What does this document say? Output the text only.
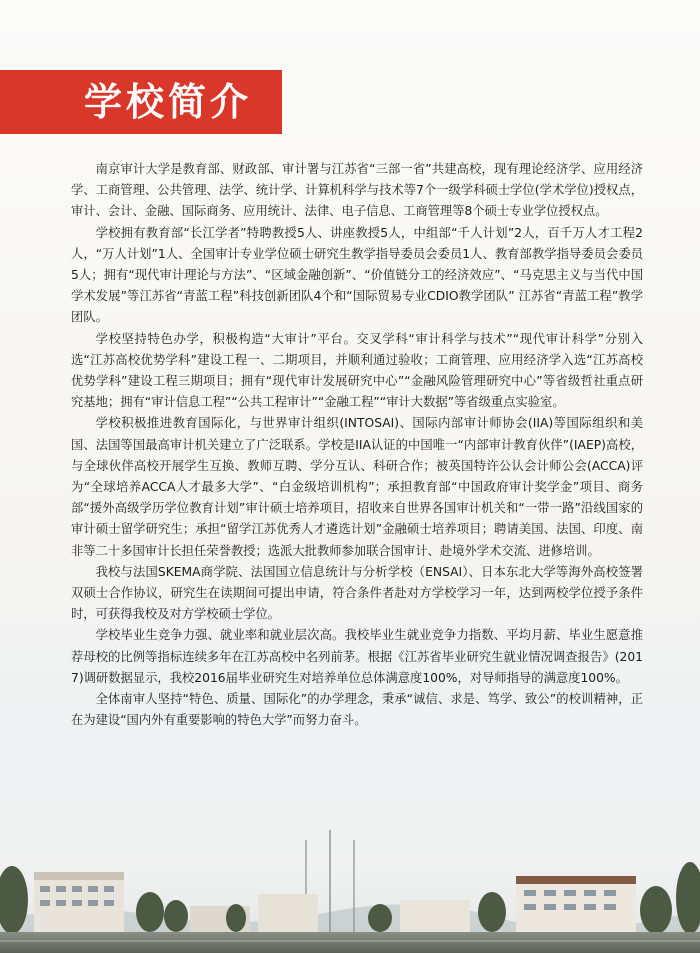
学校简介

南京审计大学是教育部、财政部、审计署与江苏省“三部一省”共建高校，现有理论经济学、应用经济学、工商管理、公共管理、法学、统计学、计算机科学与技术等7个一级学科硕士学位(学术学位)授权点，审计、会计、金融、国际商务、应用统计、法律、电子信息、工商管理等8个硕士专业学位授权点。

学校拥有教育部“长江学者”特聘教授5人、讲座教授5人，中组部“千人计划”2人，百千万人才工程2人，“万人计划”1人、全国审计专业学位硕士研究生教学指导委员会委员1人、教育部教学指导委员会委员5人；拥有“现代审计理论与方法”、“区域金融创新”、“价值链分工的经济效应”、“马克思主义与当代中国学术发展”等江苏省“青蓝工程”科技创新团队4个和“国际贸易专业CDIO教学团队” 江苏省“青蓝工程”教学团队。

学校坚持特色办学，积极构造“大审计”平台。交叉学科“审计科学与技术”“现代审计科学”分别入选“江苏高校优势学科”建设工程一、二期项目，并顺利通过验收；工商管理、应用经济学入选“江苏高校优势学科”建设工程三期项目；拥有“现代审计发展研究中心”“金融风险管理研究中心”等省级哲社重点研究基地；拥有“审计信息工程”“公共工程审计”“金融工程”“审计大数据”等省级重点实验室。

学校积极推进教育国际化，与世界审计组织(INTOSAI)、国际内部审计师协会(IIA)等国际组织和美国、法国等国最高审计机关建立了广泛联系。学校是IIA认证的中国唯一“内部审计教育伙伴”(IAEP)高校，与全球伙伴高校开展学生互换、教师互聘、学分互认、科研合作；被英国特许公认会计师公会(ACCA)评为“全球培养ACCA人才最多大学”、“白金级培训机构”；承担教育部“中国政府审计奖学金”项目、商务部“援外高级学历学位教育计划”审计硕士培养项目，招收来自世界各国审计机关和“一带一路”沿线国家的审计硕士留学研究生；承担“留学江苏优秀人才遴选计划”金融硕士培养项目；聘请美国、法国、印度、南非等二十多国审计长担任荣誉教授；选派大批教师参加联合国审计、赴境外学术交流、进修培训。

我校与法国SKEMA商学院、法国国立信息统计与分析学校（ENSAI）、日本东北大学等海外高校签署双硕士合作协议，研究生在读期间可提出申请，符合条件者赴对方学校学习一年，达到两校学位授予条件时，可获得我校及对方学校硕士学位。

学校毕业生竞争力强、就业率和就业层次高。我校毕业生就业竞争力指数、平均月薪、毕业生愿意推荐母校的比例等指标连续多年在江苏高校中名列前茅。根据《江苏省毕业研究生就业情况调查报告》(2017)调研数据显示，我校2016届毕业研究生对培养单位总体满意度100%，对导师指导的满意度100%。

全体南审人坚持“特色、质量、国际化”的办学理念，秉承“诚信、求是、笃学、致公”的校训精神，正在为建设“国内外有重要影响的特色大学”而努力奋斗。
